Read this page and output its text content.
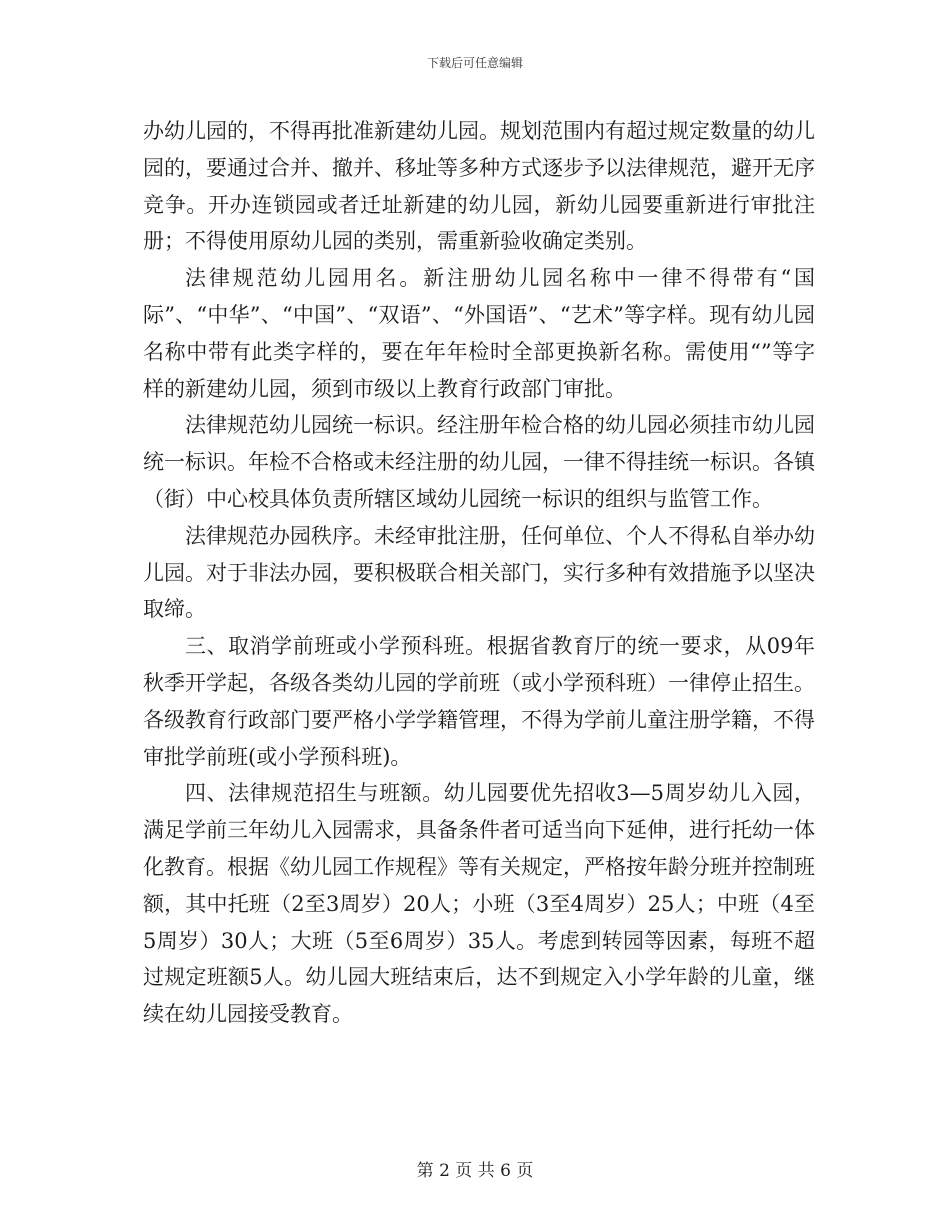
下载后可任意编辑

办幼儿园的，不得再批准新建幼儿园。规划范围内有超过规定数量的幼儿园的，要通过合并、撤并、移址等多种方式逐步予以法律规范，避开无序竞争。开办连锁园或者迁址新建的幼儿园，新幼儿园要重新进行审批注册；不得使用原幼儿园的类别，需重新验收确定类别。

法律规范幼儿园用名。新注册幼儿园名称中一律不得带有“国际”、“中华”、“中国”、“双语”、“外国语”、“艺术”等字样。现有幼儿园名称中带有此类字样的，要在年年检时全部更换新名称。需使用“”等字样的新建幼儿园，须到市级以上教育行政部门审批。

法律规范幼儿园统一标识。经注册年检合格的幼儿园必须挂市幼儿园统一标识。年检不合格或未经注册的幼儿园，一律不得挂统一标识。各镇（街）中心校具体负责所辖区域幼儿园统一标识的组织与监管工作。

法律规范办园秩序。未经审批注册，任何单位、个人不得私自举办幼儿园。对于非法办园，要积极联合相关部门，实行多种有效措施予以坚决取缔。

三、取消学前班或小学预科班。根据省教育厅的统一要求，从09年秋季开学起，各级各类幼儿园的学前班（或小学预科班）一律停止招生。各级教育行政部门要严格小学学籍管理，不得为学前儿童注册学籍，不得审批学前班(或小学预科班)。

四、法律规范招生与班额。幼儿园要优先招收3—5周岁幼儿入园，满足学前三年幼儿入园需求，具备条件者可适当向下延伸，进行托幼一体化教育。根据《幼儿园工作规程》等有关规定，严格按年龄分班并控制班额，其中托班（2至3周岁）20人；小班（3至4周岁）25人；中班（4至5周岁）30人；大班（5至6周岁）35人。考虑到转园等因素，每班不超过规定班额5人。幼儿园大班结束后，达不到规定入小学年龄的儿童，继续在幼儿园接受教育。

第 2 页 共 6 页
